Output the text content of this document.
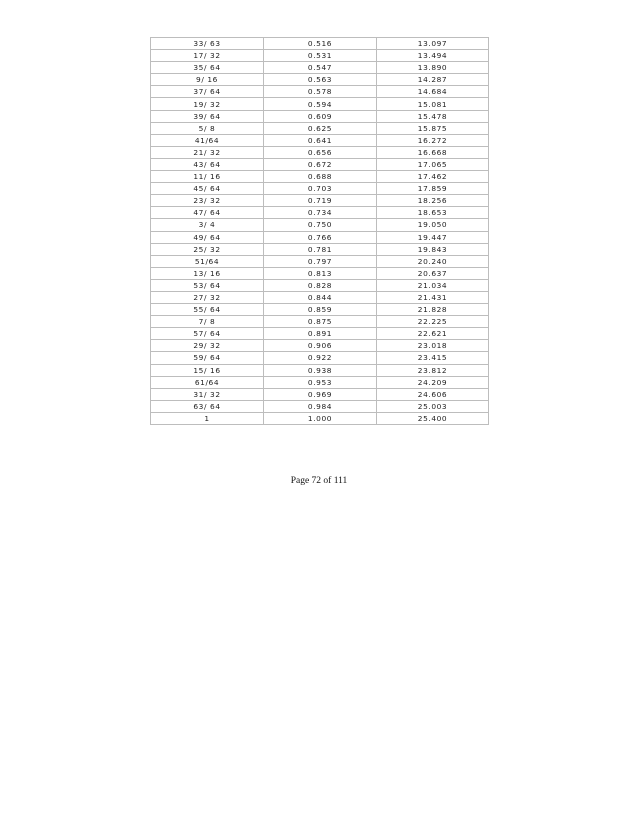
33/ 63	0.516	13.097
17/ 32	0.531	13.494
35/ 64	0.547	13.890
9/ 16	0.563	14.287
37/ 64	0.578	14.684
19/ 32	0.594	15.081
39/ 64	0.609	15.478
5/ 8	0.625	15.875
41/64	0.641	16.272
21/ 32	0.656	16.668
43/ 64	0.672	17.065
11/ 16	0.688	17.462
45/ 64	0.703	17.859
23/ 32	0.719	18.256
47/ 64	0.734	18.653
3/ 4	0.750	19.050
49/ 64	0.766	19.447
25/ 32	0.781	19.843
51/64	0.797	20.240
13/ 16	0.813	20.637
53/ 64	0.828	21.034
27/ 32	0.844	21.431
55/ 64	0.859	21.828
7/ 8	0.875	22.225
57/ 64	0.891	22.621
29/ 32	0.906	23.018
59/ 64	0.922	23.415
15/ 16	0.938	23.812
61/64	0.953	24.209
31/ 32	0.969	24.606
63/ 64	0.984	25.003
1	1.000	25.400
Page 72 of 111
